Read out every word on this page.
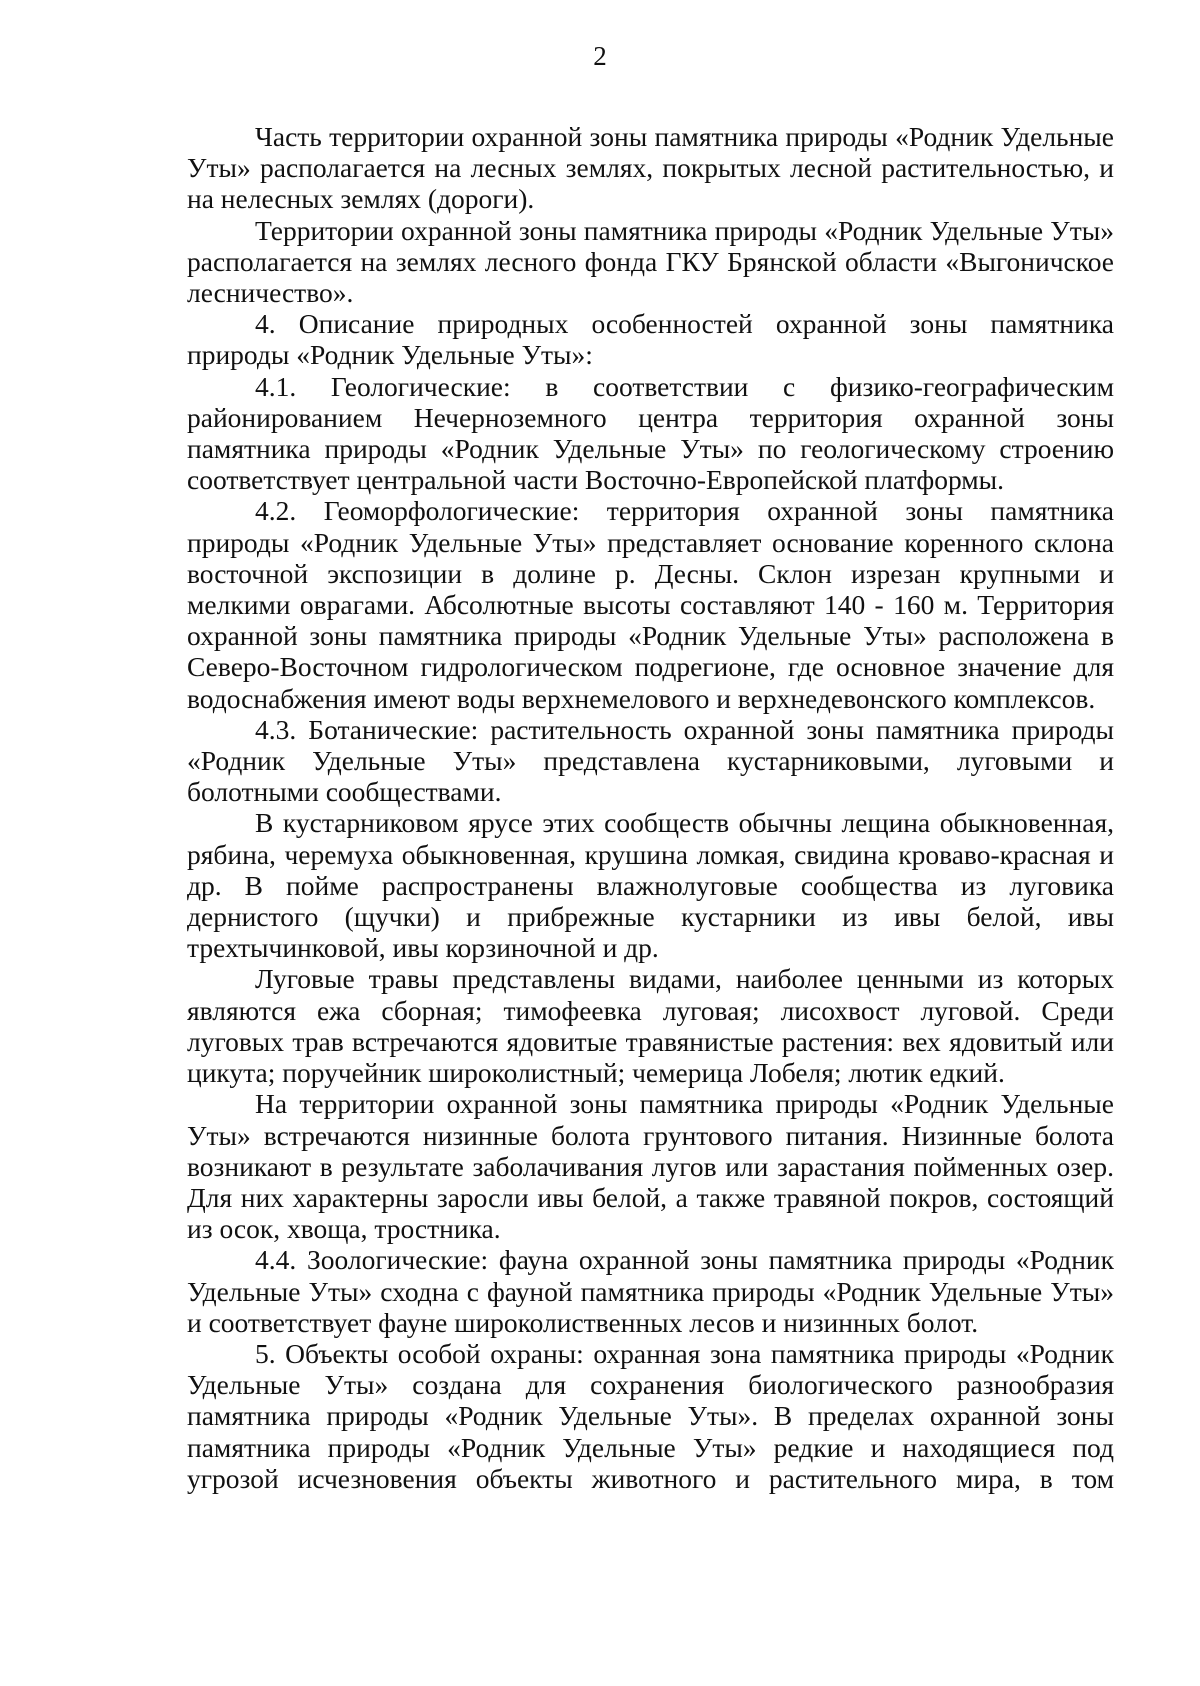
2

Часть территории охранной зоны памятника природы «Родник Удельные Уты» располагается на лесных землях, покрытых лесной растительностью, и на нелесных землях (дороги).

Территории охранной зоны памятника природы «Родник Удельные Уты» располагается на землях лесного фонда ГКУ Брянской области «Выгоничское лесничество».

4. Описание природных особенностей охранной зоны памятника природы «Родник Удельные Уты»:

4.1. Геологические: в соответствии с физико-географическим районированием Нечерноземного центра территория охранной зоны памятника природы «Родник Удельные Уты» по геологическому строению соответствует центральной части Восточно-Европейской платформы.

4.2. Геоморфологические: территория охранной зоны памятника природы «Родник Удельные Уты» представляет основание коренного склона восточной экспозиции в долине р. Десны. Склон изрезан крупными и мелкими оврагами. Абсолютные высоты составляют 140 - 160 м. Территория охранной зоны памятника природы «Родник Удельные Уты» расположена в Северо-Восточном гидрологическом подрегионе, где основное значение для водоснабжения имеют воды верхнемелового и верхнедевонского комплексов.

4.3. Ботанические: растительность охранной зоны памятника природы «Родник Удельные Уты» представлена кустарниковыми, луговыми и болотными сообществами.

В кустарниковом ярусе этих сообществ обычны лещина обыкновенная, рябина, черемуха обыкновенная, крушина ломкая, свидина кроваво-красная и др. В пойме распространены влажнолуговые сообщества из луговика дернистого (щучки) и прибрежные кустарники из ивы белой, ивы трехтычинковой, ивы корзиночной и др.

Луговые травы представлены видами, наиболее ценными из которых являются ежа сборная; тимофеевка луговая; лисохвост луговой. Среди луговых трав встречаются ядовитые травянистые растения: вех ядовитый или цикута; поручейник широколистный; чемерица Лобеля; лютик едкий.

На территории охранной зоны памятника природы «Родник Удельные Уты» встречаются низинные болота грунтового питания. Низинные болота возникают в результате заболачивания лугов или зарастания пойменных озер. Для них характерны заросли ивы белой, а также травяной покров, состоящий из осок, хвоща, тростника.

4.4. Зоологические: фауна охранной зоны памятника природы «Родник Удельные Уты» сходна с фауной памятника природы «Родник Удельные Уты» и соответствует фауне широколиственных лесов и низинных болот.

5. Объекты особой охраны: охранная зона памятника природы «Родник Удельные Уты» создана для сохранения биологического разнообразия памятника природы «Родник Удельные Уты». В пределах охранной зоны памятника природы «Родник Удельные Уты» редкие и находящиеся под угрозой исчезновения объекты животного и растительного мира, в том
